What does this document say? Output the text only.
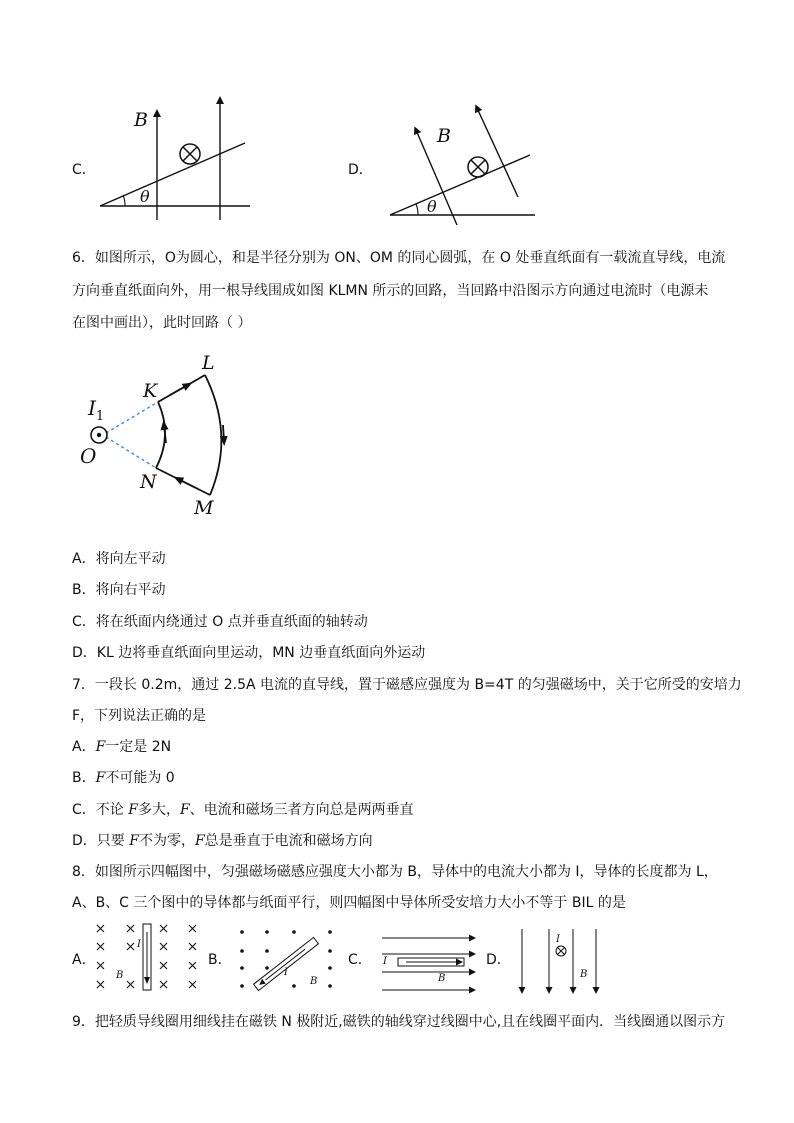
C．
B
θ
D．
B
θ
6．如图所示，O为圆心，和是半径分别为 ON、OM 的同心圆弧，在 O 处垂直纸面有一载流直导线，电流
方向垂直纸面向外，用一根导线围成如图 KLMN 所示的回路，当回路中沿图示方向通过电流时（电源未
在图中画出），此时回路（ ）
$I_1$
O
K
L
N
M
A．将向左平动
B．将向右平动
C．将在纸面内绕通过 O 点并垂直纸面的轴转动
D．KL 边将垂直纸面向里运动，MN 边垂直纸面向外运动
7．一段长 0.2m，通过 2.5A 电流的直导线，置于磁感应强度为 B=4T 的匀强磁场中，关于它所受的安培力
F，下列说法正确的是
A．F一定是 2N
B．F不可能为 0
C．不论 F多大，F、电流和磁场三者方向总是两两垂直
D．只要 F不为零，F总是垂直于电流和磁场方向
8．如图所示四幅图中，匀强磁场磁感应强度大小都为 B，导体中的电流大小都为 I，导体的长度都为 L，
A、B、C 三个图中的导体都与纸面平行，则四幅图中导体所受安培力大小不等于 BIL 的是
A．
I
B
B．
I
B
C． I
B
D．
I
B
9．把轻质导线圈用细线挂在磁铁 N 极附近,磁铁的轴线穿过线圈中心,且在线圈平面内．当线圈通以图示方
